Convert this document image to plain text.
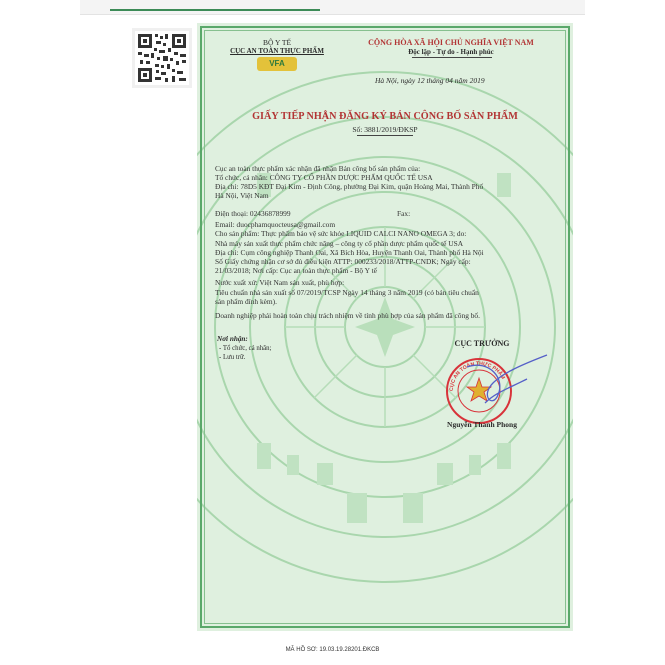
BỘ Y TẾ
CỤC AN TOÀN THỰC PHẨM
VFA
CỘNG HÒA XÃ HỘI CHỦ NGHĨA VIỆT NAM
Độc lập - Tự do - Hạnh phúc
Hà Nội, ngày 12 tháng 04 năm 2019
GIẤY TIẾP NHẬN ĐĂNG KÝ BẢN CÔNG BỐ SẢN PHẨM
Số: 3881/2019/ĐKSP
Cục an toàn thực phẩm xác nhận đã nhận Bản công bố sản phẩm của:
Tổ chức, cá nhân: CÔNG TY CỔ PHẦN DƯỢC PHẨM QUỐC TẾ USA
Địa chỉ: 78D5 KĐT Đại Kim - Định Công, phường Đại Kim, quận Hoàng Mai, Thành Phố
Hà Nội, Việt Nam
Điện thoại: 02436878999	Fax:
Email: duocphamquocteusa@gmail.com
Cho sản phẩm: Thực phẩm bảo vệ sức khỏe LIQUID CALCI NANO OMEGA 3; do:
Nhà máy sản xuất thực phẩm chức năng – công ty cổ phần dược phẩm quốc tế USA
Địa chỉ: Cụm công nghiệp Thanh Oai, Xã Bích Hòa, Huyện Thanh Oai, Thành phố Hà Nội
Số Giấy chứng nhận cơ sở đủ điều kiện ATTP: 000233/2018/ATTP-CNDK; Ngày cấp:
21/03/2018; Nơi cấp: Cục an toàn thực phẩm - Bộ Y tế
Nước xuất xứ: Việt Nam sản xuất, phù hợp:
Tiêu chuẩn nhà sản xuất số 07/2019/TCSP Ngày 14 tháng 3 năm 2019 (có bản tiêu chuẩn
sản phẩm đính kèm).
Doanh nghiệp phải hoàn toàn chịu trách nhiệm về tính phù hợp của sản phẩm đã công bố.
Nơi nhận:
- Tổ chức, cá nhân;
- Lưu trữ.
CỤC TRƯỞNG
CỤC AN TOÀN THỰC PHẨM
Nguyễn Thanh Phong
MÃ HỒ SƠ: 19.03.19.28201.ĐKCB
